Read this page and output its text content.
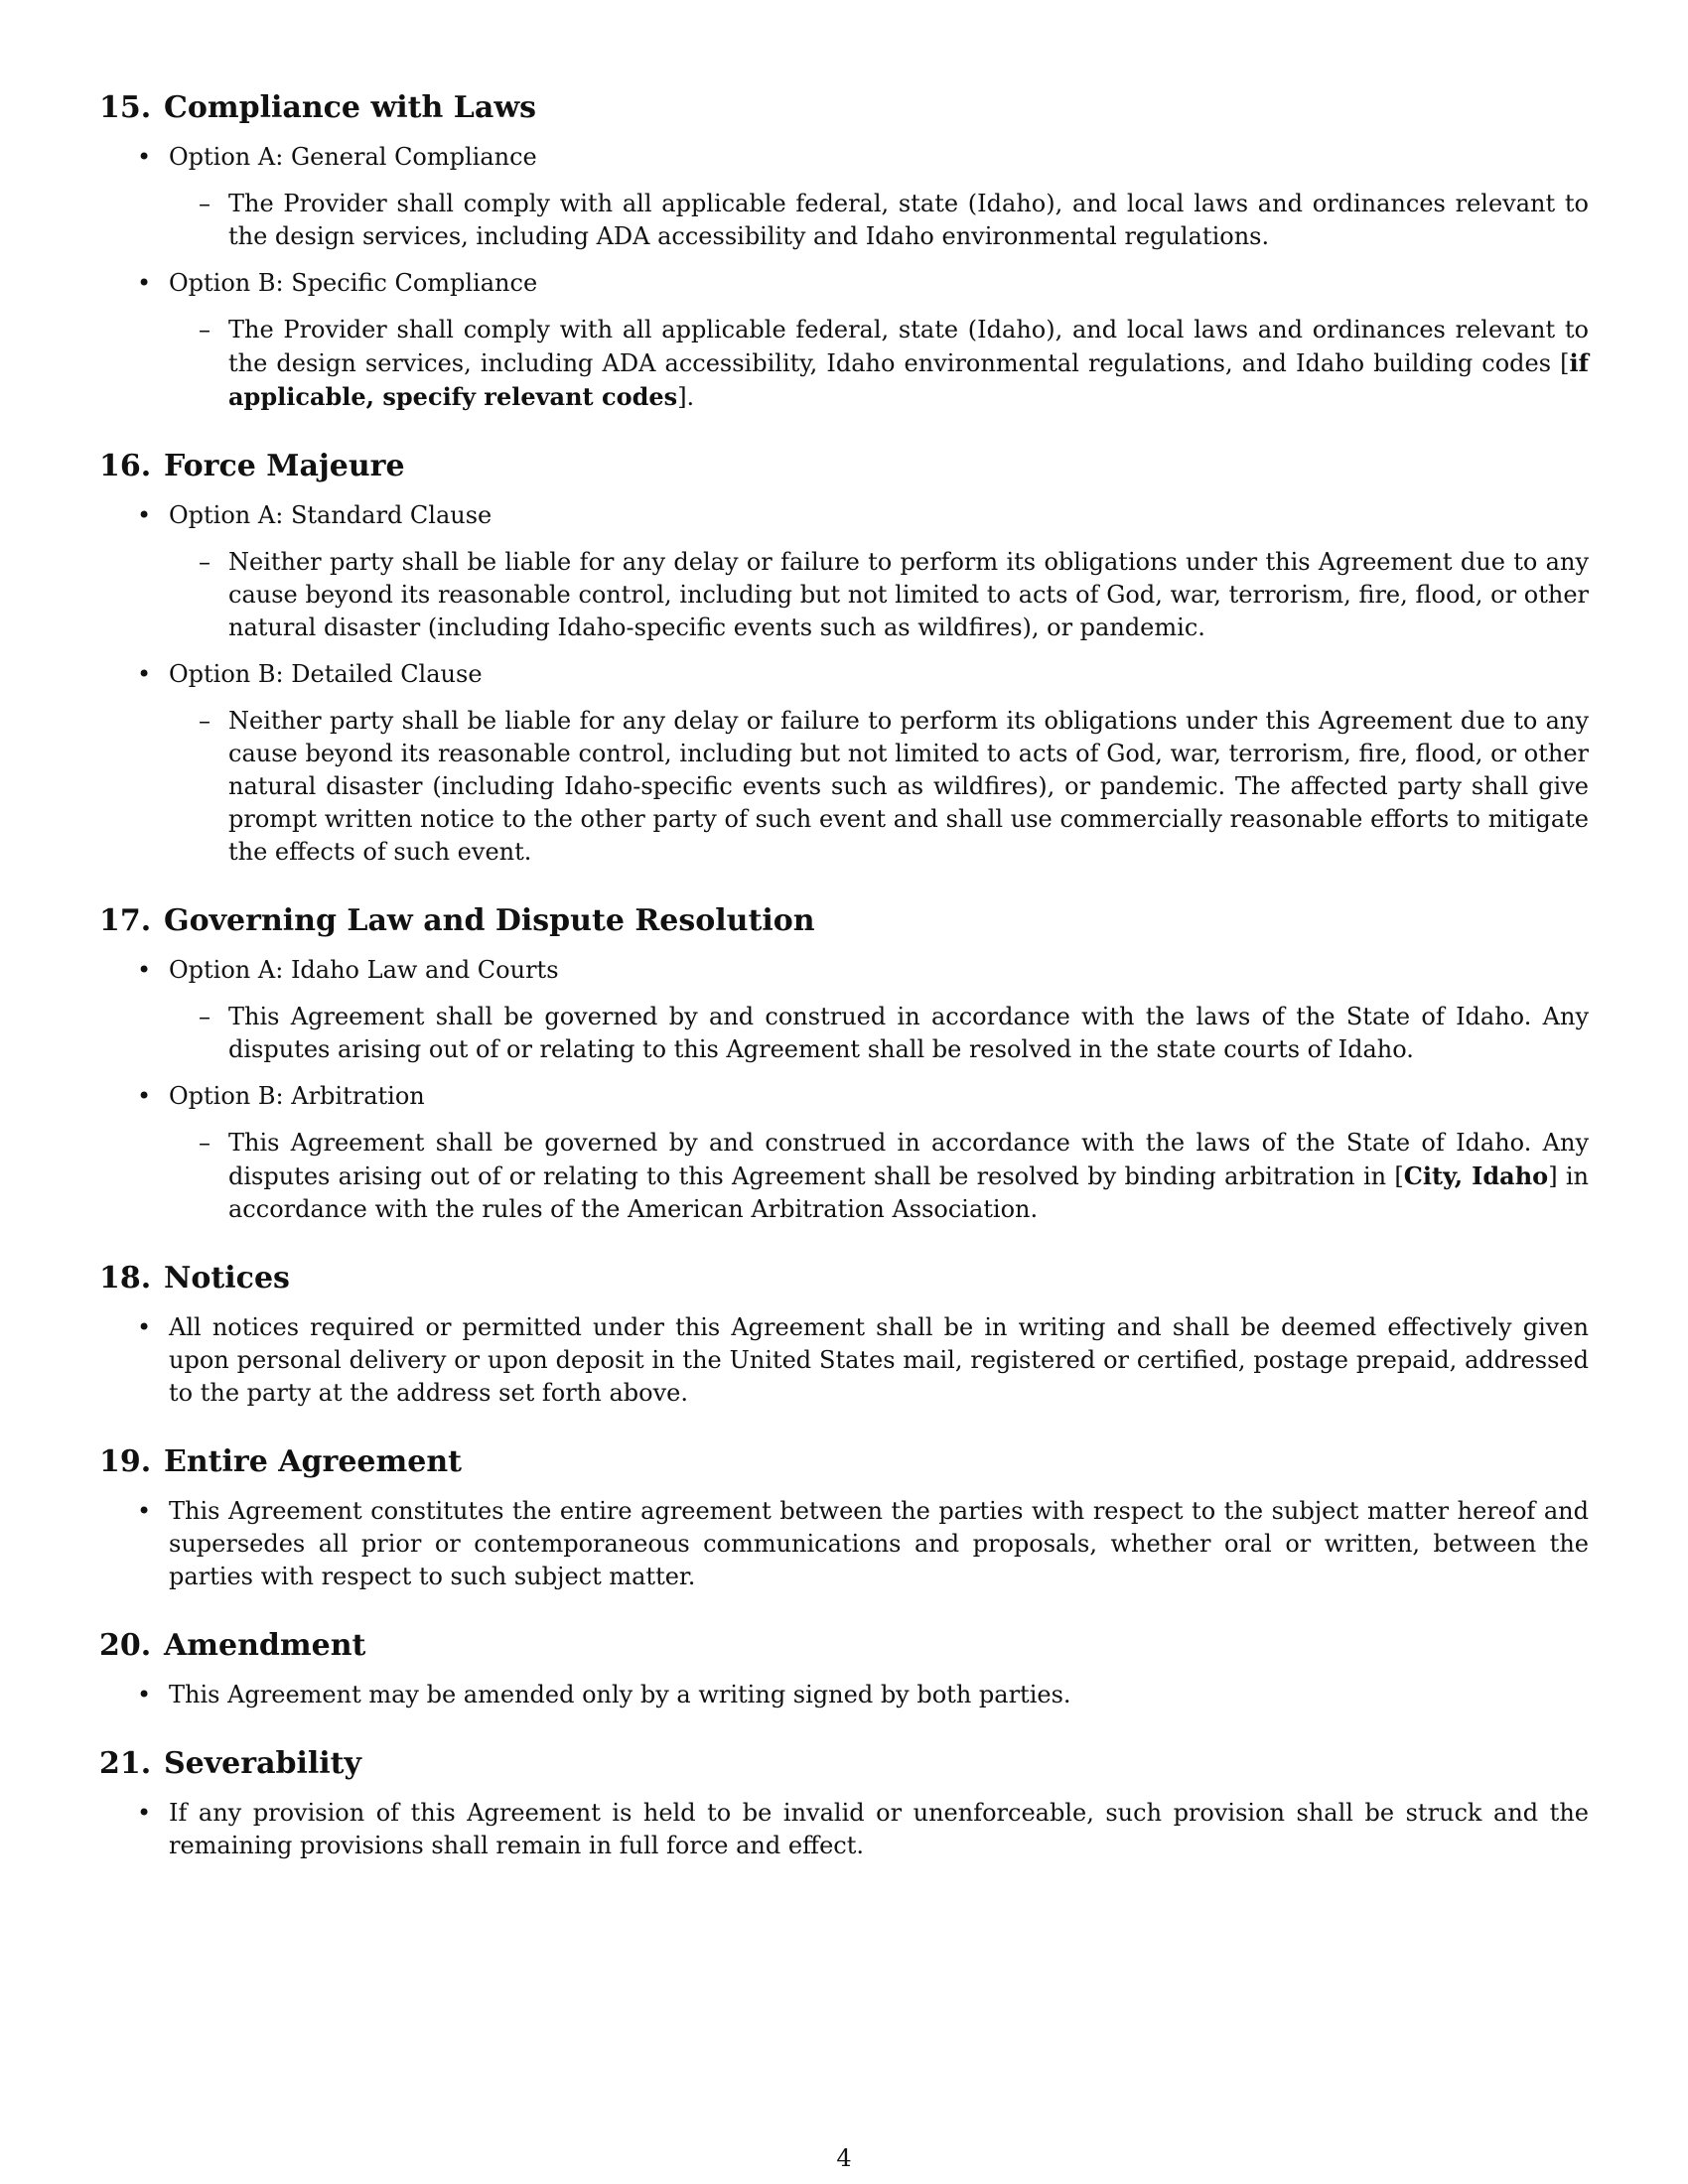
15. Compliance with Laws
• Option A: General Compliance
– The Provider shall comply with all applicable federal, state (Idaho), and local laws and ordinances relevant to the design services, including ADA accessibility and Idaho environmental regulations.
• Option B: Specific Compliance
– The Provider shall comply with all applicable federal, state (Idaho), and local laws and ordinances relevant to the design services, including ADA accessibility, Idaho environmental regulations, and Idaho building codes [if applicable, specify relevant codes].
16. Force Majeure
• Option A: Standard Clause
– Neither party shall be liable for any delay or failure to perform its obligations under this Agreement due to any cause beyond its reasonable control, including but not limited to acts of God, war, terrorism, fire, flood, or other natural disaster (including Idaho-specific events such as wildfires), or pandemic.
• Option B: Detailed Clause
– Neither party shall be liable for any delay or failure to perform its obligations under this Agreement due to any cause beyond its reasonable control, including but not limited to acts of God, war, terrorism, fire, flood, or other natural disaster (including Idaho-specific events such as wildfires), or pandemic. The affected party shall give prompt written notice to the other party of such event and shall use commercially reasonable efforts to mitigate the effects of such event.
17. Governing Law and Dispute Resolution
• Option A: Idaho Law and Courts
– This Agreement shall be governed by and construed in accordance with the laws of the State of Idaho. Any disputes arising out of or relating to this Agreement shall be resolved in the state courts of Idaho.
• Option B: Arbitration
– This Agreement shall be governed by and construed in accordance with the laws of the State of Idaho. Any disputes arising out of or relating to this Agreement shall be resolved by binding arbitration in [City, Idaho] in accordance with the rules of the American Arbitration Association.
18. Notices
• All notices required or permitted under this Agreement shall be in writing and shall be deemed effectively given upon personal delivery or upon deposit in the United States mail, registered or certified, postage prepaid, addressed to the party at the address set forth above.
19. Entire Agreement
• This Agreement constitutes the entire agreement between the parties with respect to the subject matter hereof and supersedes all prior or contemporaneous communications and proposals, whether oral or written, between the parties with respect to such subject matter.
20. Amendment
• This Agreement may be amended only by a writing signed by both parties.
21. Severability
• If any provision of this Agreement is held to be invalid or unenforceable, such provision shall be struck and the remaining provisions shall remain in full force and effect.
4
